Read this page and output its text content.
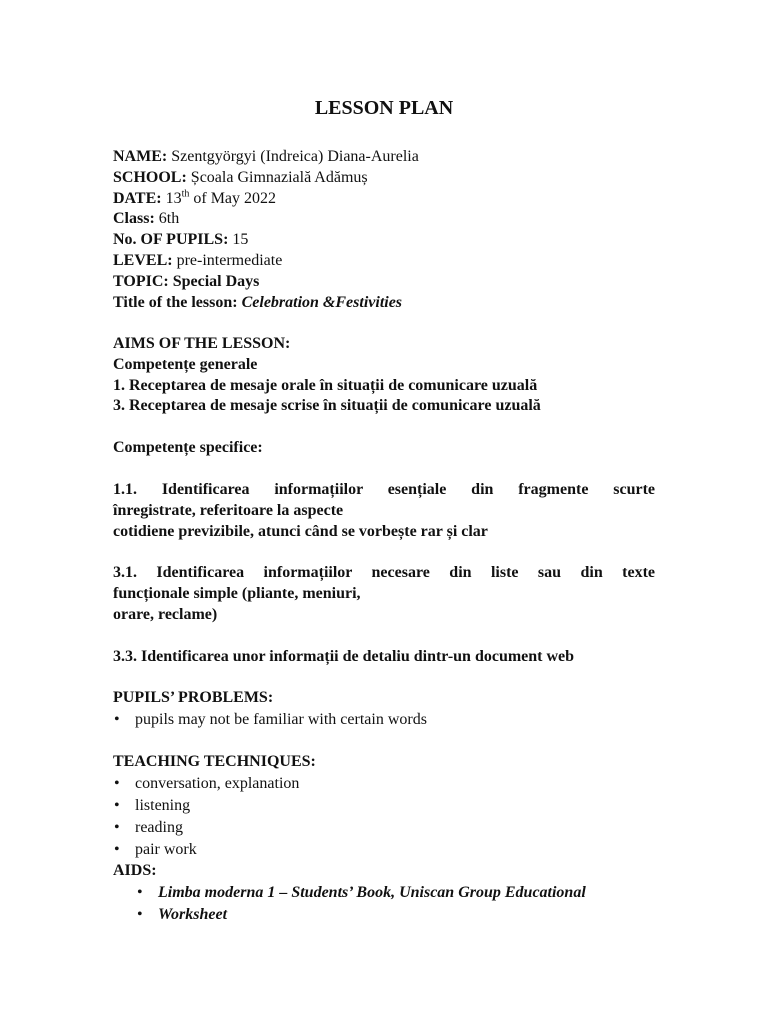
LESSON PLAN
NAME: Szentgyörgyi (Indreica) Diana-Aurelia
SCHOOL: Școala Gimnazială Adămuș
DATE: 13th of May 2022
Class: 6th
No. OF PUPILS: 15
LEVEL: pre-intermediate
TOPIC: Special Days
Title of the lesson: Celebration &Festivities
AIMS OF THE LESSON:
Competențe generale
1. Receptarea de mesaje orale în situații de comunicare uzuală
3. Receptarea de mesaje scrise în situații de comunicare uzuală
Competențe specifice:
1.1. Identificarea informațiilor esențiale din fragmente scurte
înregistrate, referitoare la aspecte
cotidiene previzibile, atunci când se vorbește rar și clar
3.1. Identificarea informațiilor necesare din liste sau din texte
funcționale simple (pliante, meniuri,
orare, reclame)
3.3. Identificarea unor informații de detaliu dintr-un document web
PUPILS’ PROBLEMS:
• pupils may not be familiar with certain words
TEACHING TECHNIQUES:
• conversation, explanation
• listening
• reading
• pair work
AIDS:
• Limba moderna 1 – Students’ Book, Uniscan Group Educational
• Worksheet
